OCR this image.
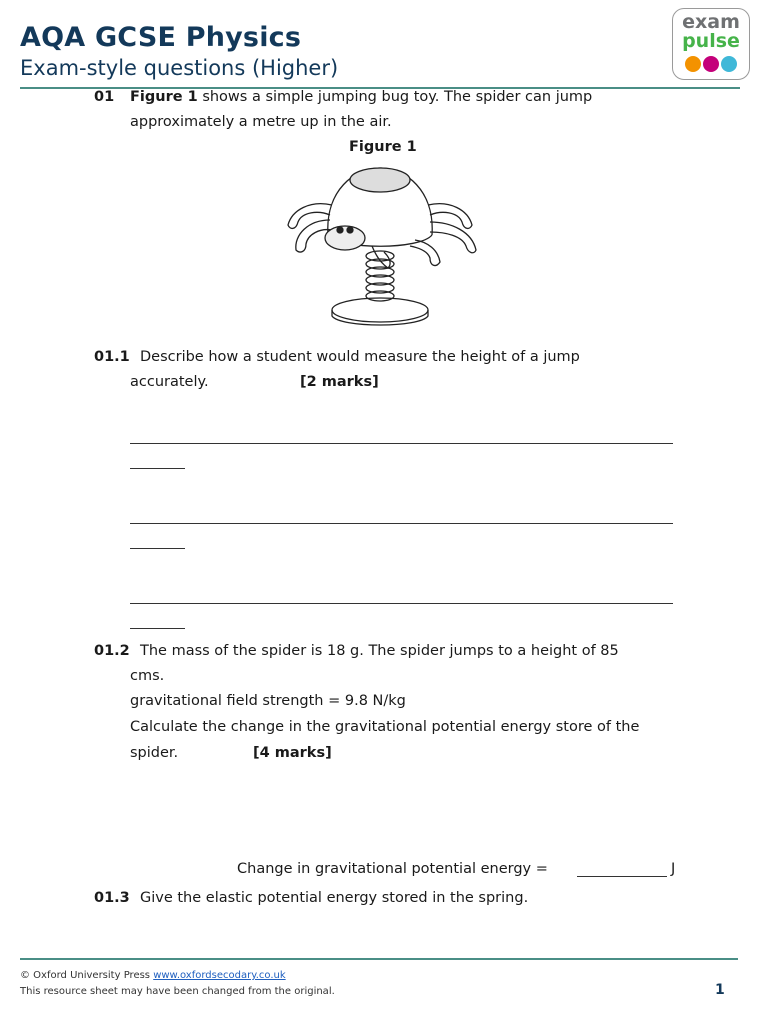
AQA GCSE Physics
Exam-style questions (Higher)
exam
pulse
01 Figure 1 shows a simple jumping bug toy. The spider can jump
approximately a metre up in the air.
Figure 1
01.1 Describe how a student would measure the height of a jump
accurately.	[2 marks]
01.2 The mass of the spider is 18 g. The spider jumps to a height of 85
cms.
gravitational field strength = 9.8 N/kg
Calculate the change in the gravitational potential energy store of the
spider.	[4 marks]
Change in gravitational potential energy =	J
01.3 Give the elastic potential energy stored in the spring.
© Oxford University Press www.oxfordsecodary.co.uk
This resource sheet may have been changed from the original.	1
